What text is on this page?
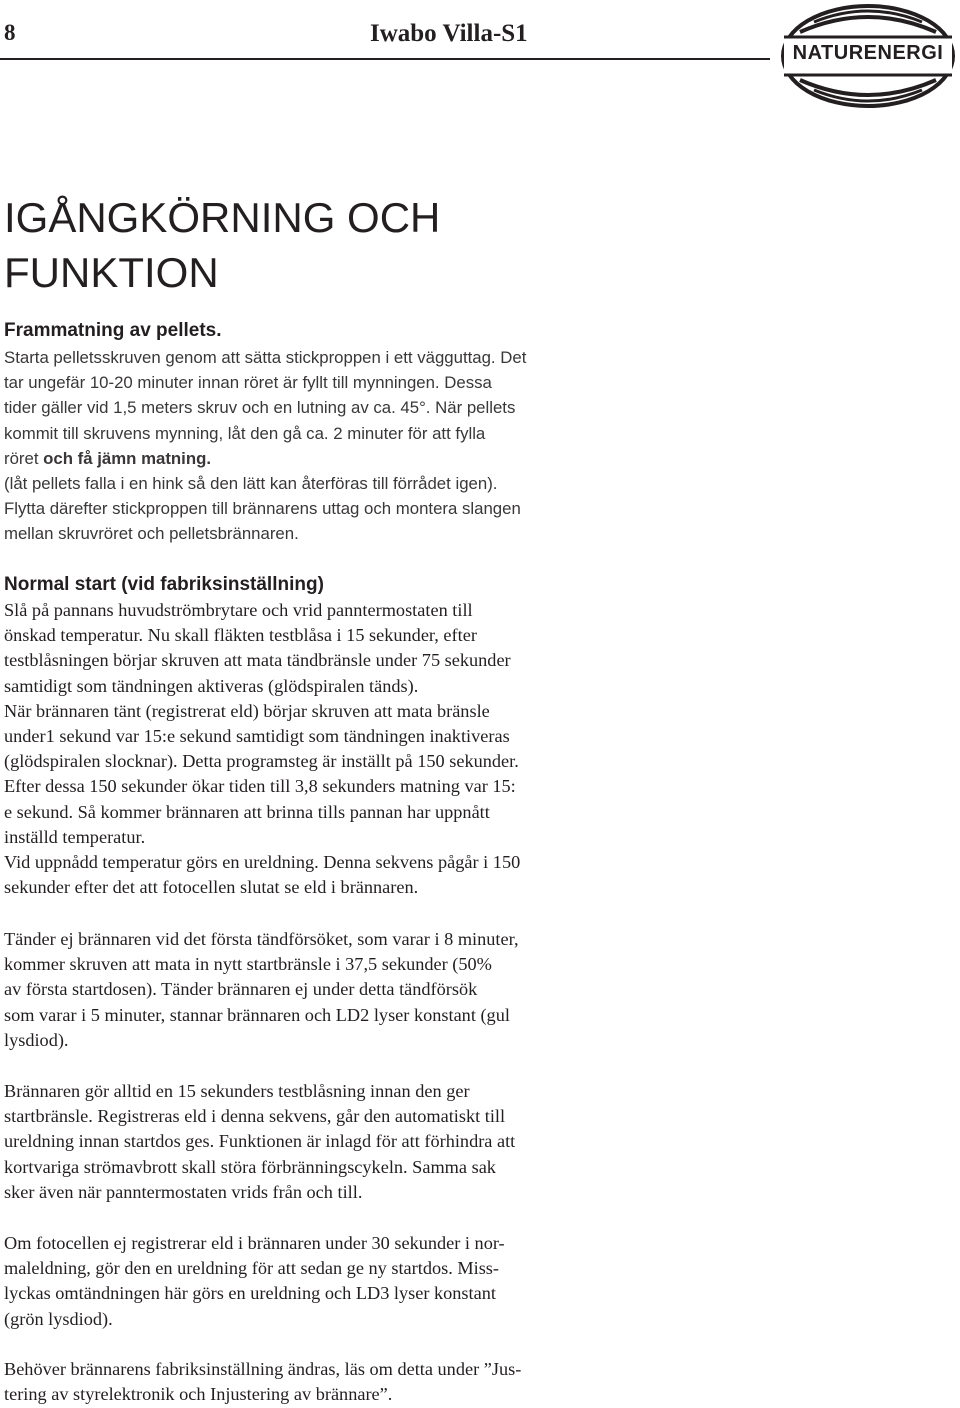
8	Iwabo Villa-S1
NATURENERGI
IGÅNGKÖRNING OCH
FUNKTION
Frammatning av pellets.
Starta pelletsskruven genom att sätta stickproppen i ett vägguttag. Det
tar ungefär 10-20 minuter innan röret är fyllt till mynningen. Dessa
tider gäller vid 1,5 meters skruv och en lutning av ca. 45°. När pellets
kommit till skruvens mynning, låt den gå ca. 2 minuter för att fylla
röret och få jämn matning.
(låt pellets falla i en hink så den lätt kan återföras till förrådet igen).
Flytta därefter stickproppen till brännarens uttag och montera slangen
mellan skruvröret och pelletsbrännaren.
Normal start (vid fabriksinställning)
Slå på pannans huvudströmbrytare och vrid panntermostaten till
önskad temperatur. Nu skall fläkten testblåsa i 15 sekunder, efter
testblåsningen börjar skruven att mata tändbränsle under 75 sekunder
samtidigt som tändningen aktiveras (glödspiralen tänds).
När brännaren tänt (registrerat eld) börjar skruven att mata bränsle
under1 sekund var 15:e sekund samtidigt som tändningen inaktiveras
(glödspiralen slocknar). Detta programsteg är inställt på 150 sekunder.
Efter dessa 150 sekunder ökar tiden till 3,8 sekunders matning var 15:
e sekund. Så kommer brännaren att brinna tills pannan har uppnått
inställd temperatur.
Vid uppnådd temperatur görs en ureldning. Denna sekvens pågår i 150
sekunder efter det att fotocellen slutat se eld i brännaren.
Tänder ej brännaren vid det första tändförsöket, som varar i 8 minuter,
kommer skruven att mata in nytt startbränsle i 37,5 sekunder (50%
av första startdosen). Tänder brännaren ej under detta tändförsök
som varar i 5 minuter, stannar brännaren och LD2 lyser konstant (gul
lysdiod).
Brännaren gör alltid en 15 sekunders testblåsning innan den ger
startbränsle. Registreras eld i denna sekvens, går den automatiskt till
ureldning innan startdos ges. Funktionen är inlagd för att förhindra att
kortvariga strömavbrott skall störa förbränningscykeln. Samma sak
sker även när panntermostaten vrids från och till.
Om fotocellen ej registrerar eld i brännaren under 30 sekunder i nor-
maleldning, gör den en ureldning för att sedan ge ny startdos. Miss-
lyckas omtändningen här görs en ureldning och LD3 lyser konstant
(grön lysdiod).
Behöver brännarens fabriksinställning ändras, läs om detta under ”Jus-
tering av styrelektronik och Injustering av brännare”.
